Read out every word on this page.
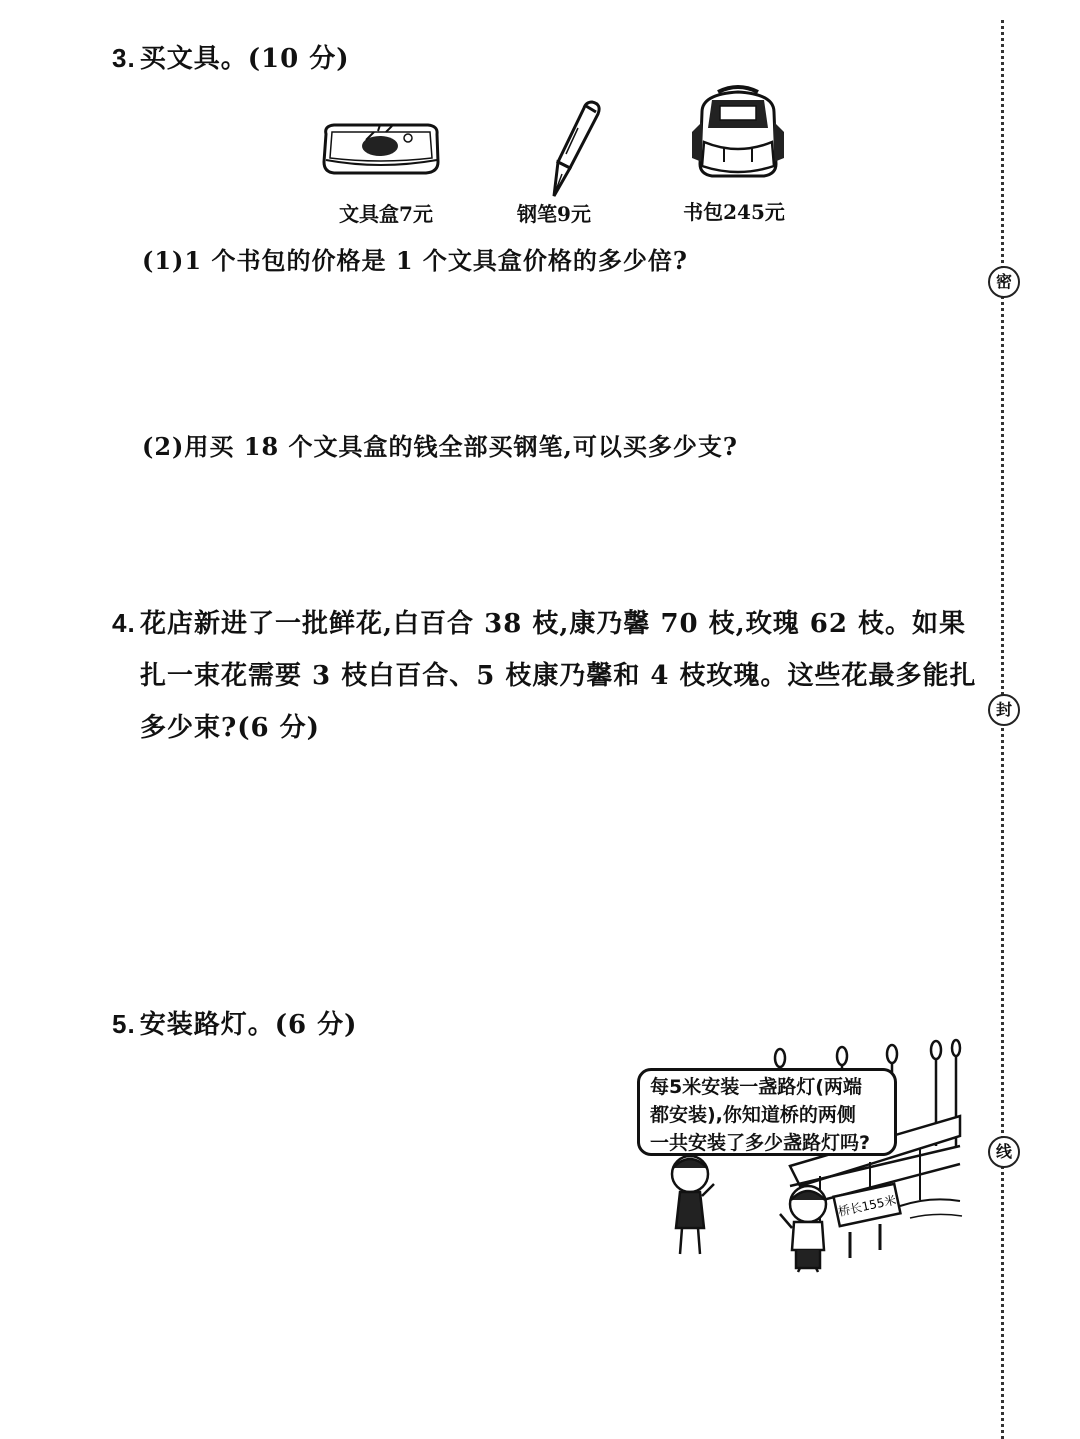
3. 买文具。(10 分)
文具盒7元	钢笔9元	书包245元
(1)1 个书包的价格是 1 个文具盒价格的多少倍?
(2)用买 18 个文具盒的钱全部买钢笔,可以买多少支?
4. 花店新进了一批鲜花,白百合 38 枝,康乃馨 70 枝,玫瑰 62 枝。如果
扎一束花需要 3 枝白百合、5 枝康乃馨和 4 枝玫瑰。这些花最多能扎
多少束?(6 分)
5. 安装路灯。(6 分)
桥长155米
每5米安装一盏路灯(两端
都安装),你知道桥的两侧
一共安装了多少盏路灯吗?
密
封
线
